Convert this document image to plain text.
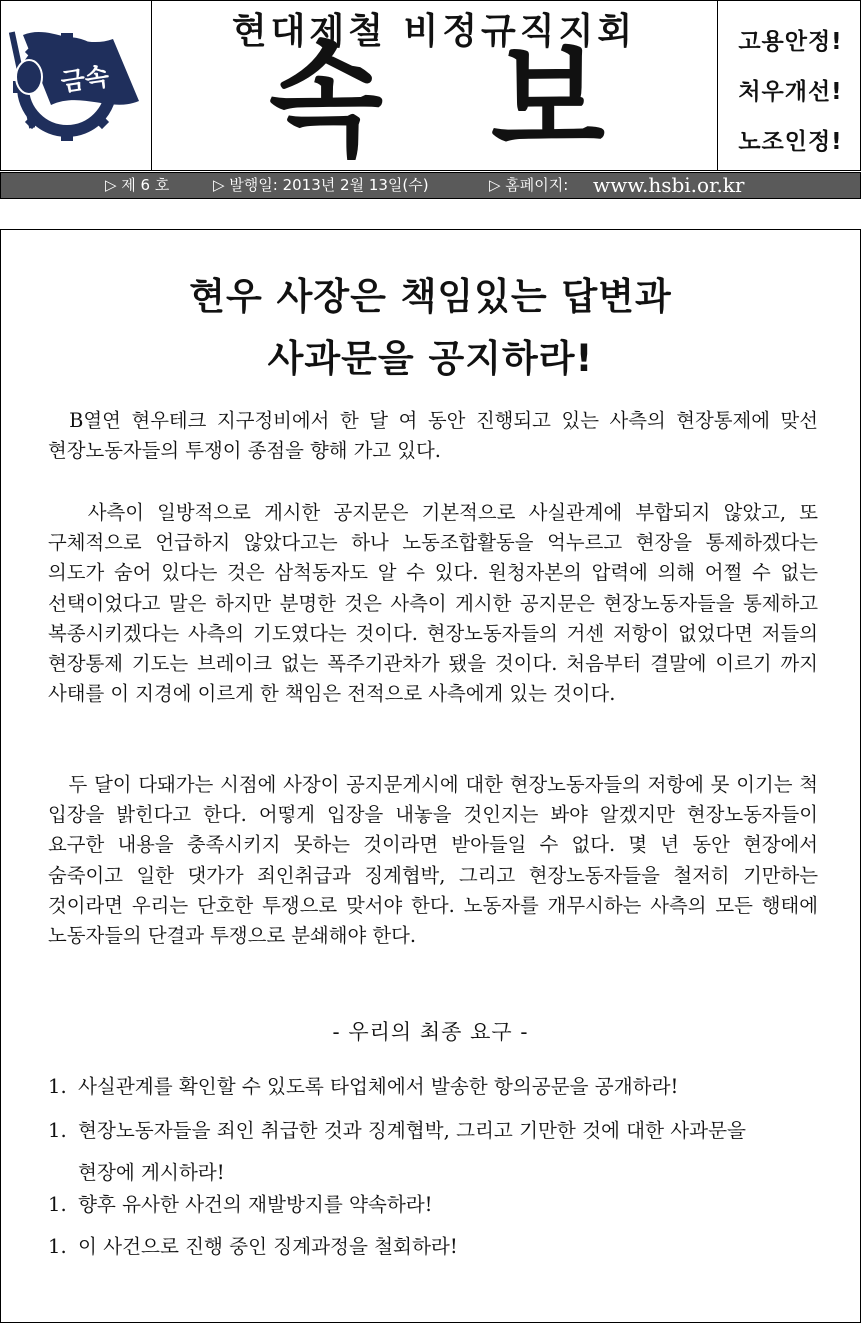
금속
현대제철 비정규직지회
속 보	고용안정!
처우개선!
노조인정!
▷ 제 6 호	▷ 발행일: 2013년 2월 13일(수)	▷ 홈페이지: www.hsbi.or.kr
현우 사장은 책임있는 답변과
사과문을 공지하라!
B열연 현우테크 지구정비에서 한 달 여 동안 진행되고 있는 사측의 현장통제에 맞선 현장노동자들의 투쟁이 종점을 향해 가고 있다.
사측이 일방적으로 게시한 공지문은 기본적으로 사실관계에 부합되지 않았고, 또 구체적으로 언급하지 않았다고는 하나 노동조합활동을 억누르고 현장을 통제하겠다는 의도가 숨어 있다는 것은 삼척동자도 알 수 있다. 원청자본의 압력에 의해 어쩔 수 없는 선택이었다고 말은 하지만 분명한 것은 사측이 게시한 공지문은 현장노동자들을 통제하고 복종시키겠다는 사측의 기도였다는 것이다. 현장노동자들의 거센 저항이 없었다면 저들의 현장통제 기도는 브레이크 없는 폭주기관차가 됐을 것이다. 처음부터 결말에 이르기 까지 사태를 이 지경에 이르게 한 책임은 전적으로 사측에게 있는 것이다.
두 달이 다돼가는 시점에 사장이 공지문게시에 대한 현장노동자들의 저항에 못 이기는 척 입장을 밝힌다고 한다. 어떻게 입장을 내놓을 것인지는 봐야 알겠지만 현장노동자들이 요구한 내용을 충족시키지 못하는 것이라면 받아들일 수 없다. 몇 년 동안 현장에서 숨죽이고 일한 댓가가 죄인취급과 징계협박, 그리고 현장노동자들을 철저히 기만하는 것이라면 우리는 단호한 투쟁으로 맞서야 한다. 노동자를 개무시하는 사측의 모든 행태에 노동자들의 단결과 투쟁으로 분쇄해야 한다.
- 우리의 최종 요구 -
1. 사실관계를 확인할 수 있도록 타업체에서 발송한 항의공문을 공개하라!
1. 현장노동자들을 죄인 취급한 것과 징계협박, 그리고 기만한 것에 대한 사과문을
현장에 게시하라!
1. 향후 유사한 사건의 재발방지를 약속하라!
1. 이 사건으로 진행 중인 징계과정을 철회하라!
